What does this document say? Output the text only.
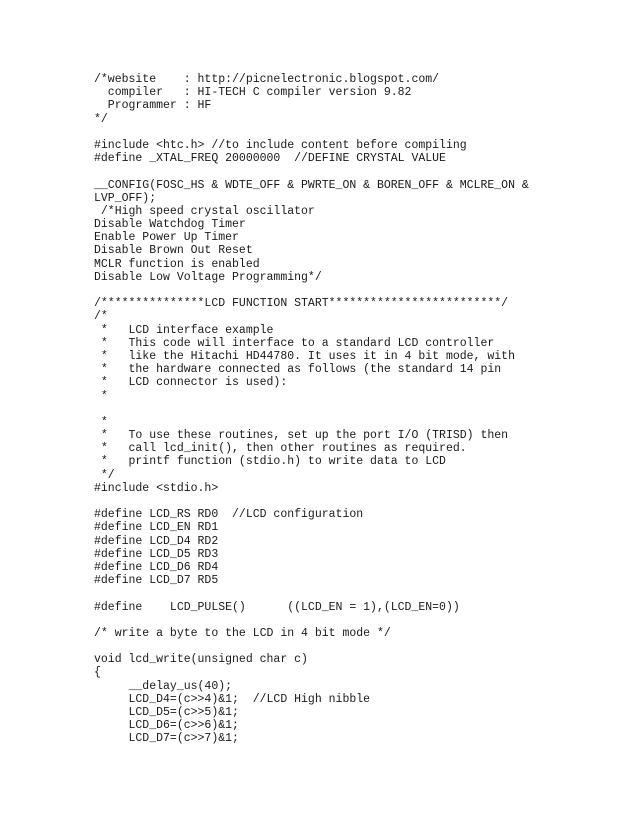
/*website    : http://picnelectronic.blogspot.com/
compiler   : HI-TECH C compiler version 9.82
Programmer : HF
*/
#include <htc.h> //to include content before compiling
#define _XTAL_FREQ 20000000  //DEFINE CRYSTAL VALUE
__CONFIG(FOSC_HS & WDTE_OFF & PWRTE_ON & BOREN_OFF & MCLRE_ON &
LVP_OFF);
/*High speed crystal oscillator
Disable Watchdog Timer
Enable Power Up Timer
Disable Brown Out Reset
MCLR function is enabled
Disable Low Voltage Programming*/
/***************LCD FUNCTION START*************************/
/*
*   LCD interface example
*   This code will interface to a standard LCD controller
*   like the Hitachi HD44780. It uses it in 4 bit mode, with
*   the hardware connected as follows (the standard 14 pin
*   LCD connector is used):
*
*
*   To use these routines, set up the port I/O (TRISD) then
*   call lcd_init(), then other routines as required.
*   printf function (stdio.h) to write data to LCD
*/
#include <stdio.h>
#define LCD_RS RD0  //LCD configuration
#define LCD_EN RD1
#define LCD_D4 RD2
#define LCD_D5 RD3
#define LCD_D6 RD4
#define LCD_D7 RD5
#define    LCD_PULSE()      ((LCD_EN = 1),(LCD_EN=0))
/* write a byte to the LCD in 4 bit mode */
void lcd_write(unsigned char c)
{
__delay_us(40);
LCD_D4=(c>>4)&1;  //LCD High nibble
LCD_D5=(c>>5)&1;
LCD_D6=(c>>6)&1;
LCD_D7=(c>>7)&1;
